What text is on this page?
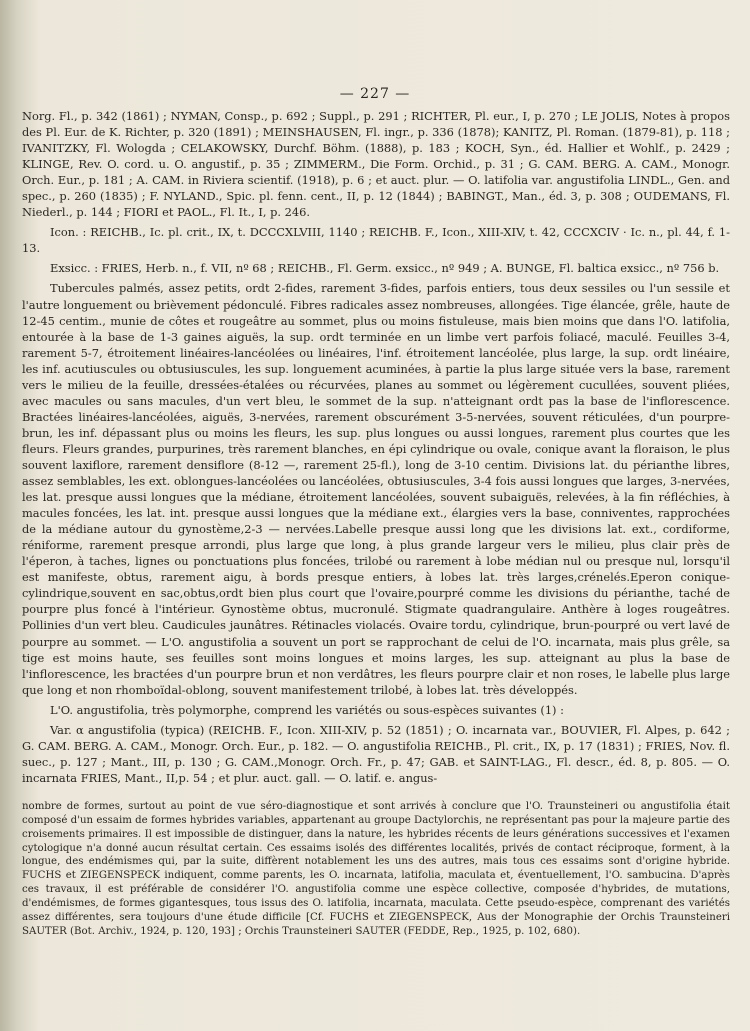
— 227 —

Norg. Fl., p. 342 (1861) ; NYMAN, Consp., p. 692 ; Suppl., p. 291 ; RICHTER, Pl. eur., I, p. 270 ; LE JOLIS, Notes à propos des Pl. Eur. de K. Richter, p. 320 (1891) ; MEINSHAUSEN, Fl. ingr., p. 336 (1878); KANITZ, Pl. Roman. (1879-81), p. 118 ; IVANITZKY, Fl. Wologda ; CELAKOWSKY, Durchf. Böhm. (1888), p. 183 ; KOCH, Syn., éd. Hallier et Wohlf., p. 2429 ; KLINGE, Rev. O. cord. u. O. angustif., p. 35 ; ZIMMERM., Die Form. Orchid., p. 31 ; G. CAM. BERG. A. CAM., Monogr. Orch. Eur., p. 181 ; A. CAM. in Riviera scientif. (1918), p. 6 ; et auct. plur. — O. latifolia var. angustifolia LINDL., Gen. and spec., p. 260 (1835) ; F. NYLAND., Spic. pl. fenn. cent., II, p. 12 (1844) ; BABINGT., Man., éd. 3, p. 308 ; OUDEMANS, Fl. Niederl., p. 144 ; FIORI et PAOL., Fl. It., I, p. 246.

Icon. : REICHB., Ic. pl. crit., IX, t. DCCCXLVIII, 1140 ; REICHB. F., Icon., XIII-XIV, t. 42, CCCXCIV · Ic. n., pl. 44, f. 1-13.

Exsicc. : FRIES, Herb. n., f. VII, nº 68 ; REICHB., Fl. Germ. exsicc., nº 949 ; A. BUNGE, Fl. baltica exsicc., nº 756 b.

Tubercules palmés, assez petits, ordt 2-fides, rarement 3-fides, parfois entiers, tous deux sessiles ou l'un sessile et l'autre longuement ou brièvement pédonculé. Fibres radicales assez nombreuses, allongées. Tige élancée, grêle, haute de 12-45 centim., munie de côtes et rougeâtre au sommet, plus ou moins fistuleuse, mais bien moins que dans l'O. latifolia, entourée à la base de 1-3 gaines aiguës, la sup. ordt terminée en un limbe vert parfois foliacé, maculé. Feuilles 3-4, rarement 5-7, étroitement linéaires-lancéolées ou linéaires, l'inf. étroitement lancéolée, plus large, la sup. ordt linéaire, les inf. acutiuscules ou obtusiuscules, les sup. longuement acuminées, à partie la plus large située vers la base, rarement vers le milieu de la feuille, dressées-étalées ou récurvées, planes au sommet ou légèrement cucullées, souvent pliées, avec macules ou sans macules, d'un vert bleu, le sommet de la sup. n'atteignant ordt pas la base de l'inflorescence. Bractées linéaires-lancéolées, aiguës, 3-nervées, rarement obscurément 3-5-nervées, souvent réticulées, d'un pourpre-brun, les inf. dépassant plus ou moins les fleurs, les sup. plus longues ou aussi longues, rarement plus courtes que les fleurs. Fleurs grandes, purpurines, très rarement blanches, en épi cylindrique ou ovale, conique avant la floraison, le plus souvent laxiflore, rarement densiflore (8-12 —, rarement 25-fl.), long de 3-10 centim. Divisions lat. du périanthe libres, assez semblables, les ext. oblongues-lancéolées ou lancéolées, obtusiuscules, 3-4 fois aussi longues que larges, 3-nervées, les lat. presque aussi longues que la médiane, étroitement lancéolées, souvent subaiguës, relevées, à la fin réfléchies, à macules foncées, les lat. int. presque aussi longues que la médiane ext., élargies vers la base, conniventes, rapprochées de la médiane autour du gynostème,2-3 — nervées.Labelle presque aussi long que les divisions lat. ext., cordiforme, réniforme, rarement presque arrondi, plus large que long, à plus grande largeur vers le milieu, plus clair près de l'éperon, à taches, lignes ou ponctuations plus foncées, trilobé ou rarement à lobe médian nul ou presque nul, lorsqu'il est manifeste, obtus, rarement aigu, à bords presque entiers, à lobes lat. très larges,crénelés.Eperon conique-cylindrique,souvent en sac,obtus,ordt bien plus court que l'ovaire,pourpré comme les divisions du périanthe, taché de pourpre plus foncé à l'intérieur. Gynostème obtus, mucronulé. Stigmate quadrangulaire. Anthère à loges rougeâtres. Pollinies d'un vert bleu. Caudicules jaunâtres. Rétinacles violacés. Ovaire tordu, cylindrique, brun-pourpré ou vert lavé de pourpre au sommet. — L'O. angustifolia a souvent un port se rapprochant de celui de l'O. incarnata, mais plus grêle, sa tige est moins haute, ses feuilles sont moins longues et moins larges, les sup. atteignant au plus la base de l'inflorescence, les bractées d'un pourpre brun et non verdâtres, les fleurs pourpre clair et non roses, le labelle plus large que long et non rhomboïdal-oblong, souvent manifestement trilobé, à lobes lat. très développés.

L'O. angustifolia, très polymorphe, comprend les variétés ou sous-espèces suivantes (1) :

Var. α angustifolia (typica) (REICHB. F., Icon. XIII-XIV, p. 52 (1851) ; O. incarnata var., BOUVIER, Fl. Alpes, p. 642 ; G. CAM. BERG. A. CAM., Monogr. Orch. Eur., p. 182. — O. angustifolia REICHB., Pl. crit., IX, p. 17 (1831) ; FRIES, Nov. fl. suec., p. 127 ; Mant., III, p. 130 ; G. CAM.,Monogr. Orch. Fr., p. 47; GAB. et SAINT-LAG., Fl. descr., éd. 8, p. 805. — O. incarnata FRIES, Mant., II,p. 54 ; et plur. auct. gall. — O. latif. e. angus-

nombre de formes, surtout au point de vue séro-diagnostique et sont arrivés à conclure que l'O. Traunsteineri ou angustifolia était composé d'un essaim de formes hybrides variables, appartenant au groupe Dactylorchis, ne représentant pas pour la majeure partie des croisements primaires. Il est impossible de distinguer, dans la nature, les hybrides récents de leurs générations successives et l'examen cytologique n'a donné aucun résultat certain. Ces essaims isolés des différentes localités, privés de contact réciproque, forment, à la longue, des endémismes qui, par la suite, diffèrent notablement les uns des autres, mais tous ces essaims sont d'origine hybride. FUCHS et ZIEGENSPECK indiquent, comme parents, les O. incarnata, latifolia, maculata et, éventuellement, l'O. sambucina. D'après ces travaux, il est préférable de considérer l'O. angustifolia comme une espèce collective, composée d'hybrides, de mutations, d'endémismes, de formes gigantesques, tous issus des O. latifolia, incarnata, maculata. Cette pseudo-espèce, comprenant des variétés assez différentes, sera toujours d'une étude difficile [Cf. FUCHS et ZIEGENSPECK, Aus der Monographie der Orchis Traunsteineri SAUTER (Bot. Archiv., 1924, p. 120, 193] ; Orchis Traunsteineri SAUTER (FEDDE, Rep., 1925, p. 102, 680).
